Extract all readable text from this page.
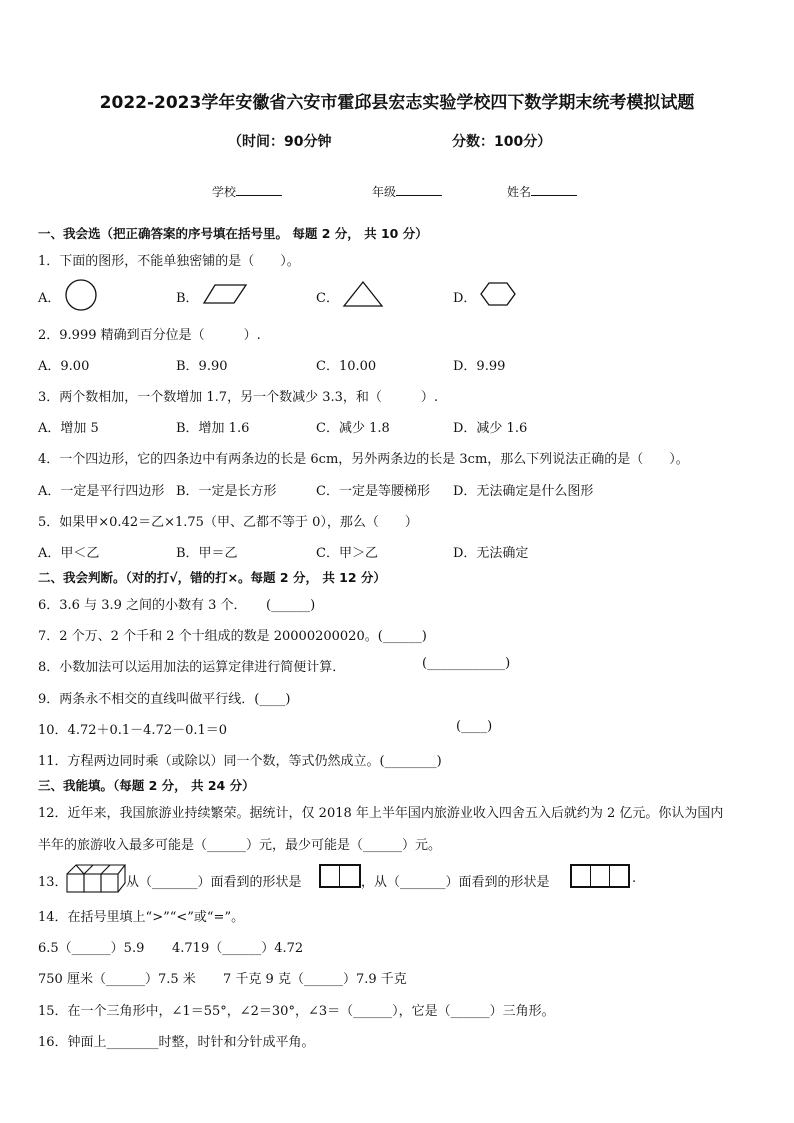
2022-2023学年安徽省六安市霍邱县宏志实验学校四下数学期末统考模拟试题
（时间：90分钟	分数：100分）
学校	年级	姓名
一、我会选（把正确答案的序号填在括号里。 每题 2 分， 共 10 分）
1．下面的图形，不能单独密铺的是（　　）。
A．	B．	C．	D．
2．9.999 精确到百分位是（　　　）.
A．9.00	B．9.90	C．10.00	D．9.99
3．两个数相加，一个数增加 1.7，另一个数减少 3.3，和（　　　）.
A．增加 5	B．增加 1.6	C．减少 1.8	D．减少 1.6
4．一个四边形，它的四条边中有两条边的长是 6cm，另外两条边的长是 3cm，那么下列说法正确的是（　　）。
A．一定是平行四边形 B．一定是长方形	C．一定是等腰梯形 D．无法确定是什么图形
5．如果甲×0.42＝乙×1.75（甲、乙都不等于 0），那么（　　）
A．甲＜乙	B．甲＝乙	C．甲＞乙	D．无法确定
二、我会判断。（对的打√，错的打×。每题 2 分， 共 12 分）
6．3.6 与 3.9 之间的小数有 3 个．　　(______)
7．2 个万、2 个千和 2 个十组成的数是 20000200020。(______)
8．小数加法可以运用加法的运算定律进行简便计算．	(____________)
9．两条永不相交的直线叫做平行线．(____)
10．4.72＋0.1－4.72－0.1＝0	(____)
11．方程两边同时乘（或除以）同一个数，等式仍然成立。(________)
三、我能填。（每题 2 分， 共 24 分）
12．近年来，我国旅游业持续繁荣。据统计，仅 2018 年上半年国内旅游业收入四舍五入后就约为 2 亿元。你认为国内
半年的旅游收入最多可能是（______）元，最少可能是（______）元。
13．	从（_______）面看到的形状是	，从（_______）面看到的形状是	.
14．在括号里填上“>”“<”或“=”。
6.5（______）5.9 4.719（______）4.72
750 厘米（______）7.5 米 7 千克 9 克（______）7.9 千克
15．在一个三角形中，∠1＝55°，∠2＝30°，∠3＝（______），它是（______）三角形。
16．钟面上________时整，时针和分针成平角。
